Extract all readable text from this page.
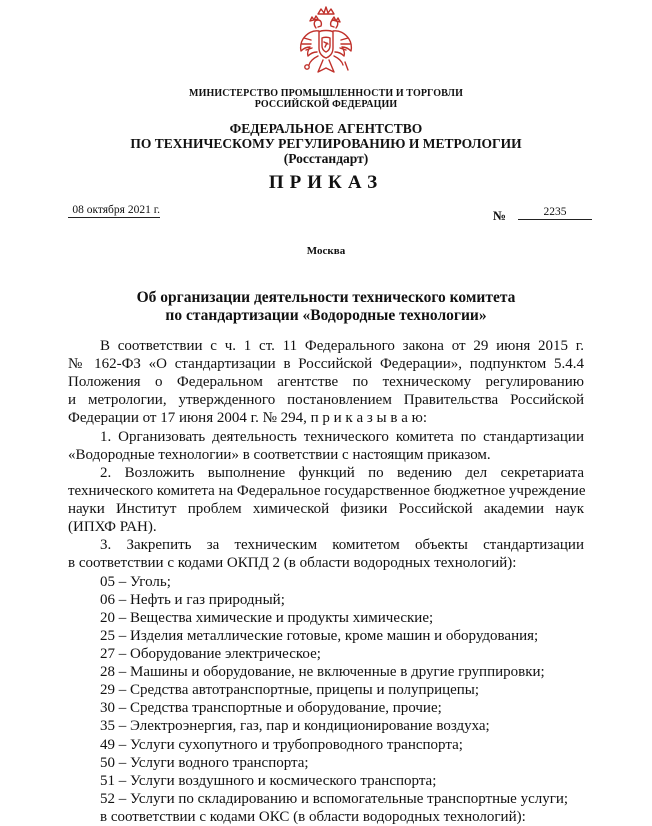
МИНИСТЕРСТВО ПРОМЫШЛЕННОСТИ И ТОРГОВЛИ
РОССИЙСКОЙ ФЕДЕРАЦИИ
ФЕДЕРАЛЬНОЕ АГЕНТСТВО
ПО ТЕХНИЧЕСКОМУ РЕГУЛИРОВАНИЮ И МЕТРОЛОГИИ
(Росстандарт)
ПРИКАЗ
08 октября 2021 г.	№	2235
Москва
Об организации деятельности технического комитета
по стандартизации «Водородные технологии»
В соответствии с ч. 1 ст. 11 Федерального закона от 29 июня 2015 г.
№ 162-ФЗ «О стандартизации в Российской Федерации», подпунктом 5.4.4
Положения о Федеральном агентстве по техническому регулированию
и метрологии, утвержденного постановлением Правительства Российской
Федерации от 17 июня 2004 г. № 294, п р и к а з ы в а ю:
1. Организовать деятельность технического комитета по стандартизации
«Водородные технологии» в соответствии с настоящим приказом.
2. Возложить выполнение функций по ведению дел секретариата
технического комитета на Федеральное государственное бюджетное учреждение
науки Институт проблем химической физики Российской академии наук
(ИПХФ РАН).
3. Закрепить за техническим комитетом объекты стандартизации
в соответствии с кодами ОКПД 2 (в области водородных технологий):
05 – Уголь;
06 – Нефть и газ природный;
20 – Вещества химические и продукты химические;
25 – Изделия металлические готовые, кроме машин и оборудования;
27 – Оборудование электрическое;
28 – Машины и оборудование, не включенные в другие группировки;
29 – Средства автотранспортные, прицепы и полуприцепы;
30 – Средства транспортные и оборудование, прочие;
35 – Электроэнергия, газ, пар и кондиционирование воздуха;
49 – Услуги сухопутного и трубопроводного транспорта;
50 – Услуги водного транспорта;
51 – Услуги воздушного и космического транспорта;
52 – Услуги по складированию и вспомогательные транспортные услуги;
в соответствии с кодами ОКС (в области водородных технологий):
